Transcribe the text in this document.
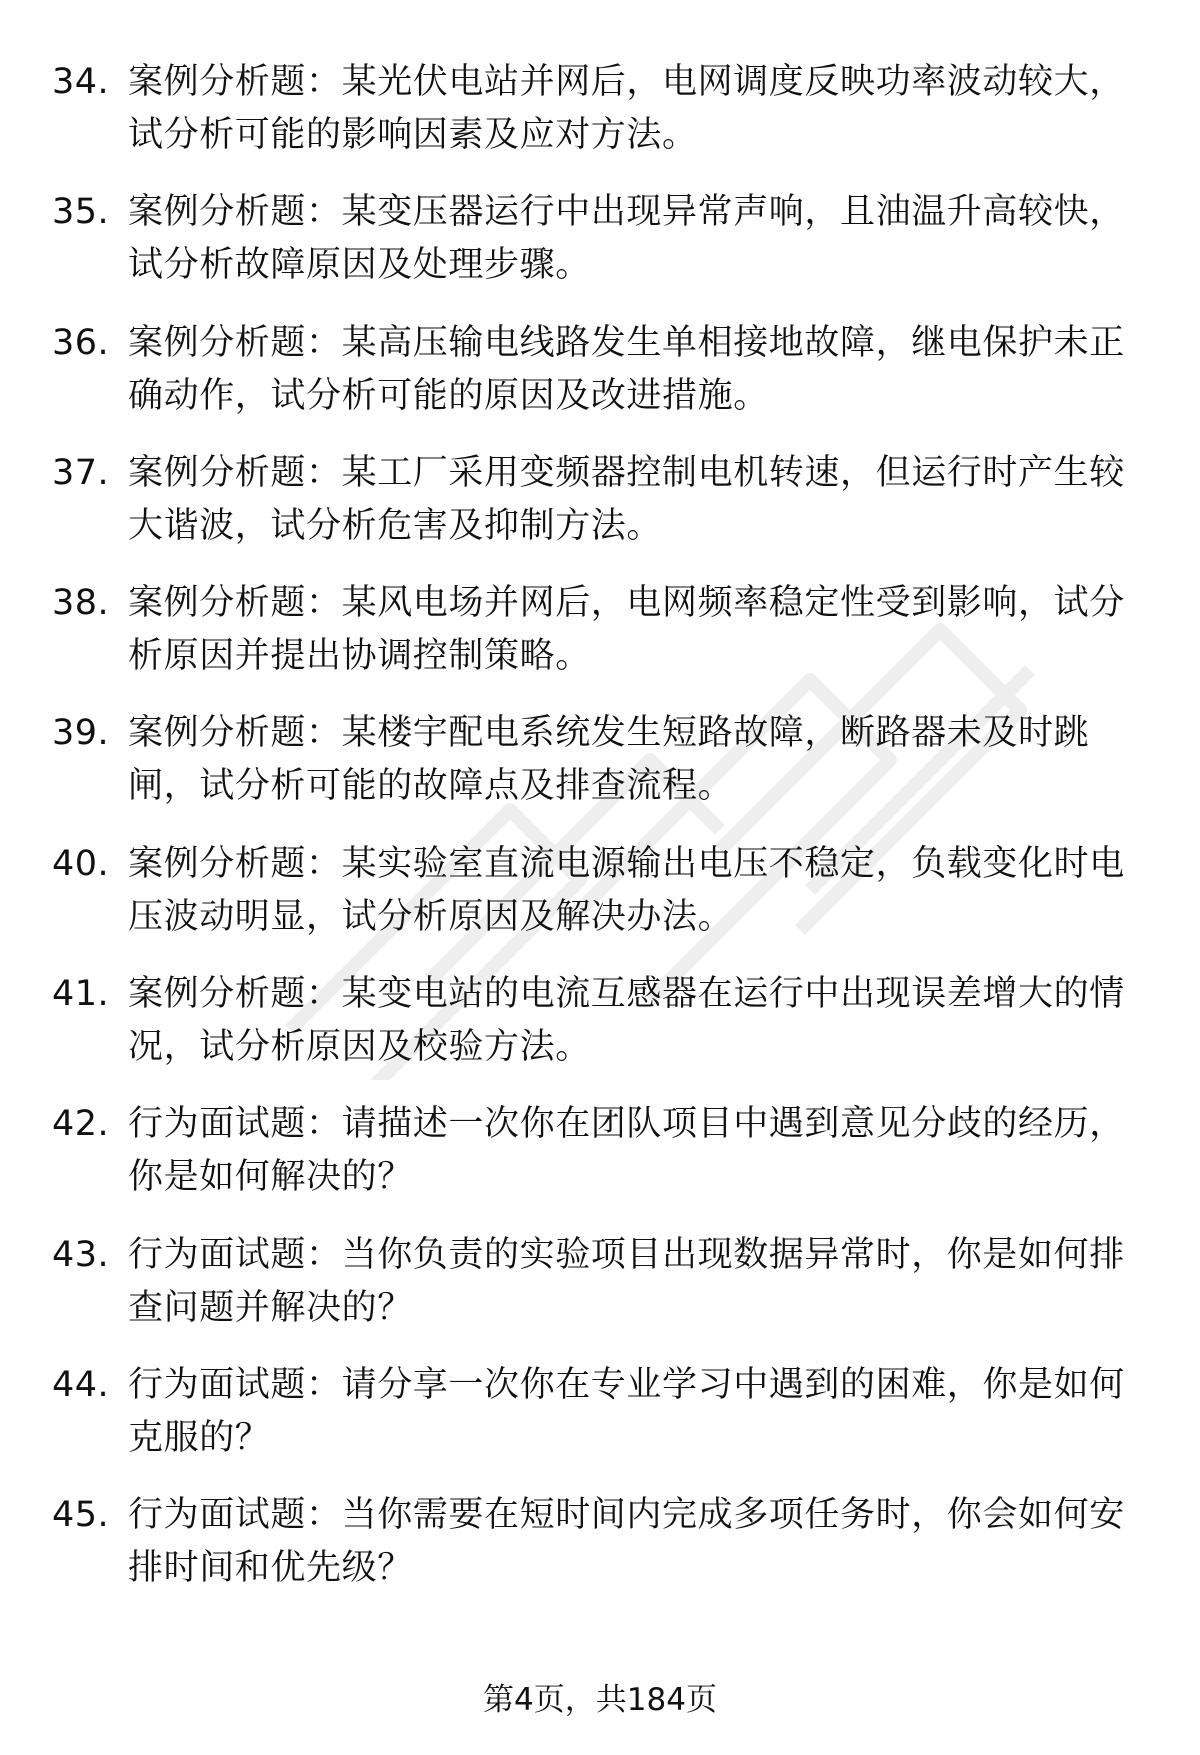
34. 案例分析题：某光伏电站并网后，电网调度反映功率波动较大，试分析可能的影响因素及应对方法。
35. 案例分析题：某变压器运行中出现异常声响，且油温升高较快，试分析故障原因及处理步骤。
36. 案例分析题：某高压输电线路发生单相接地故障，继电保护未正确动作，试分析可能的原因及改进措施。
37. 案例分析题：某工厂采用变频器控制电机转速，但运行时产生较大谐波，试分析危害及抑制方法。
38. 案例分析题：某风电场并网后，电网频率稳定性受到影响，试分析原因并提出协调控制策略。
39. 案例分析题：某楼宇配电系统发生短路故障，断路器未及时跳闸，试分析可能的故障点及排查流程。
40. 案例分析题：某实验室直流电源输出电压不稳定，负载变化时电压波动明显，试分析原因及解决办法。
41. 案例分析题：某变电站的电流互感器在运行中出现误差增大的情况，试分析原因及校验方法。
42. 行为面试题：请描述一次你在团队项目中遇到意见分歧的经历，你是如何解决的？
43. 行为面试题：当你负责的实验项目出现数据异常时，你是如何排查问题并解决的？
44. 行为面试题：请分享一次你在专业学习中遇到的困难，你是如何克服的？
45. 行为面试题：当你需要在短时间内完成多项任务时，你会如何安排时间和优先级？
第4页，共184页
